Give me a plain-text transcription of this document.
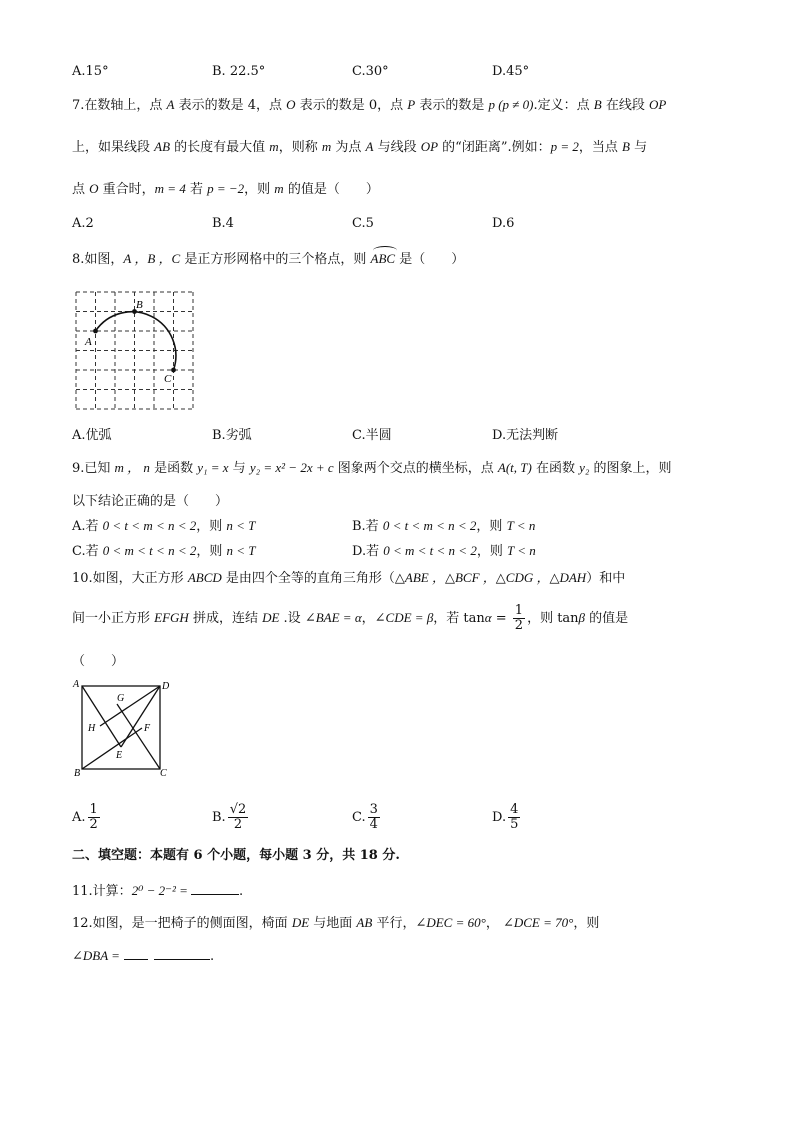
A.15°	B. 22.5°	C.30°	D.45°
7.在数轴上，点 A 表示的数是 4，点 O 表示的数是 0，点 P 表示的数是 p (p ≠ 0).定义：点 B 在线段 OP
上，如果线段 AB 的长度有最大值 m，则称 m 为点 A 与线段 OP 的“闭距离”.例如：p = 2，当点 B 与
点 O 重合时，m = 4 若 p = −2，则 m 的值是（　　）
A.2	B.4	C.5	D.6
8.如图，A ，B ，C 是正方形网格中的三个格点，则 ABC
是（　　）
A
B
C
A.优弧	B.劣弧	C.半圆	D.无法判断
9.已知 m ， n 是函数 y₁ = x 与 y₂ = x² − 2x + c 图象两个交点的横坐标，点 A(t, T) 在函数 y₂ 的图象上，则
以下结论正确的是（　　）
A.若 0 < t < m < n < 2，则 n < T	B.若 0 < t < m < n < 2，则 T < n
C.若 0 < m < t < n < 2，则 n < T	D.若 0 < m < t < n < 2，则 T < n
10.如图，大正方形 ABCD 是由四个全等的直角三角形（△ABE ，△BCF ，△CDG ，△DAH）和中
间一小正方形 EFGH 拼成，连结 DE .设 ∠BAE = α，∠CDE = β，若 $\tan\alpha = \frac{1}{2}$ ，则 tanβ 的值是
（　　）
A	D
G
H	F
E
B	C
A. $\frac{1}{2}$	B. $\frac{√2}{2}$	C. $\frac{3}{4}$	D. $\frac{4}{5}$
二、填空题：本题有 6 个小题，每小题 3 分，共 18 分.
11.计算：2⁰ − 2⁻² =	.
12.如图，是一把椅子的侧面图，椅面 DE 与地面 AB 平行，∠DEC = 60°， ∠DCE = 70°，则
∠DBA =	.
